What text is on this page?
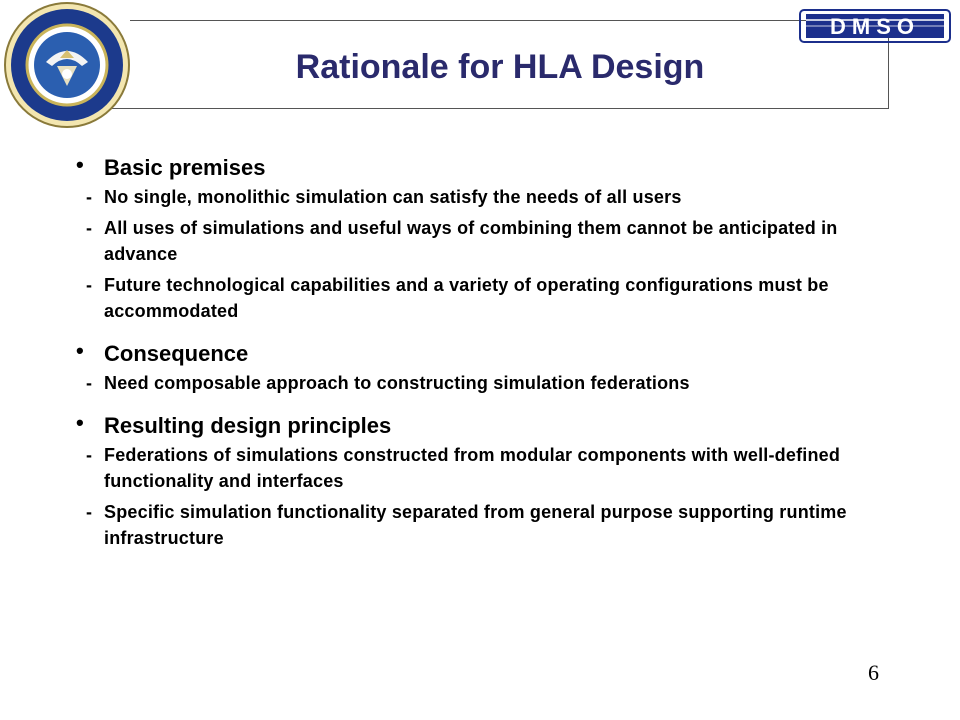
DMSO
Rationale for HLA Design
• Basic premises
- No single, monolithic simulation can satisfy the needs of all users
- All uses of simulations and useful ways of combining them cannot be anticipated in advance
- Future technological capabilities and a variety of operating configurations must be accommodated
• Consequence
- Need composable approach to constructing simulation federations
• Resulting design principles
- Federations of simulations constructed from modular components with well-defined functionality and interfaces
- Specific simulation functionality separated from general purpose supporting runtime infrastructure
6
